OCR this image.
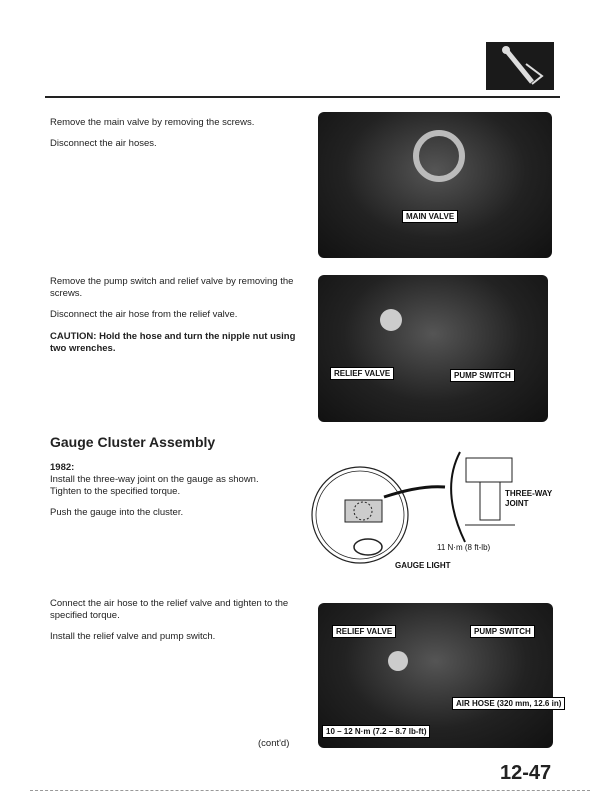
Remove the main valve by removing the screws.
Disconnect the air hoses.
MAIN VALVE
Remove the pump switch and relief valve by removing the
screws.
Disconnect the air hose from the relief valve.
CAUTION: Hold the hose and turn the nipple nut using
two wrenches.
RELIEF VALVE	PUMP SWITCH
Gauge Cluster Assembly
1982:
Install the three-way joint on the gauge as shown.
Tighten to the specified torque.
Push the gauge into the cluster.
THREE-WAY
JOINT
11 N·m (8 ft-lb)
GAUGE LIGHT
Connect the air hose to the relief valve and tighten to the
specified torque.
Install the relief valve and pump switch.	RELIEF VALVE	PUMP SWITCH
AIR HOSE (320 mm, 12.6 in)
10 – 12 N·m (7.2 – 8.7 lb-ft)
(cont'd)
12-47
